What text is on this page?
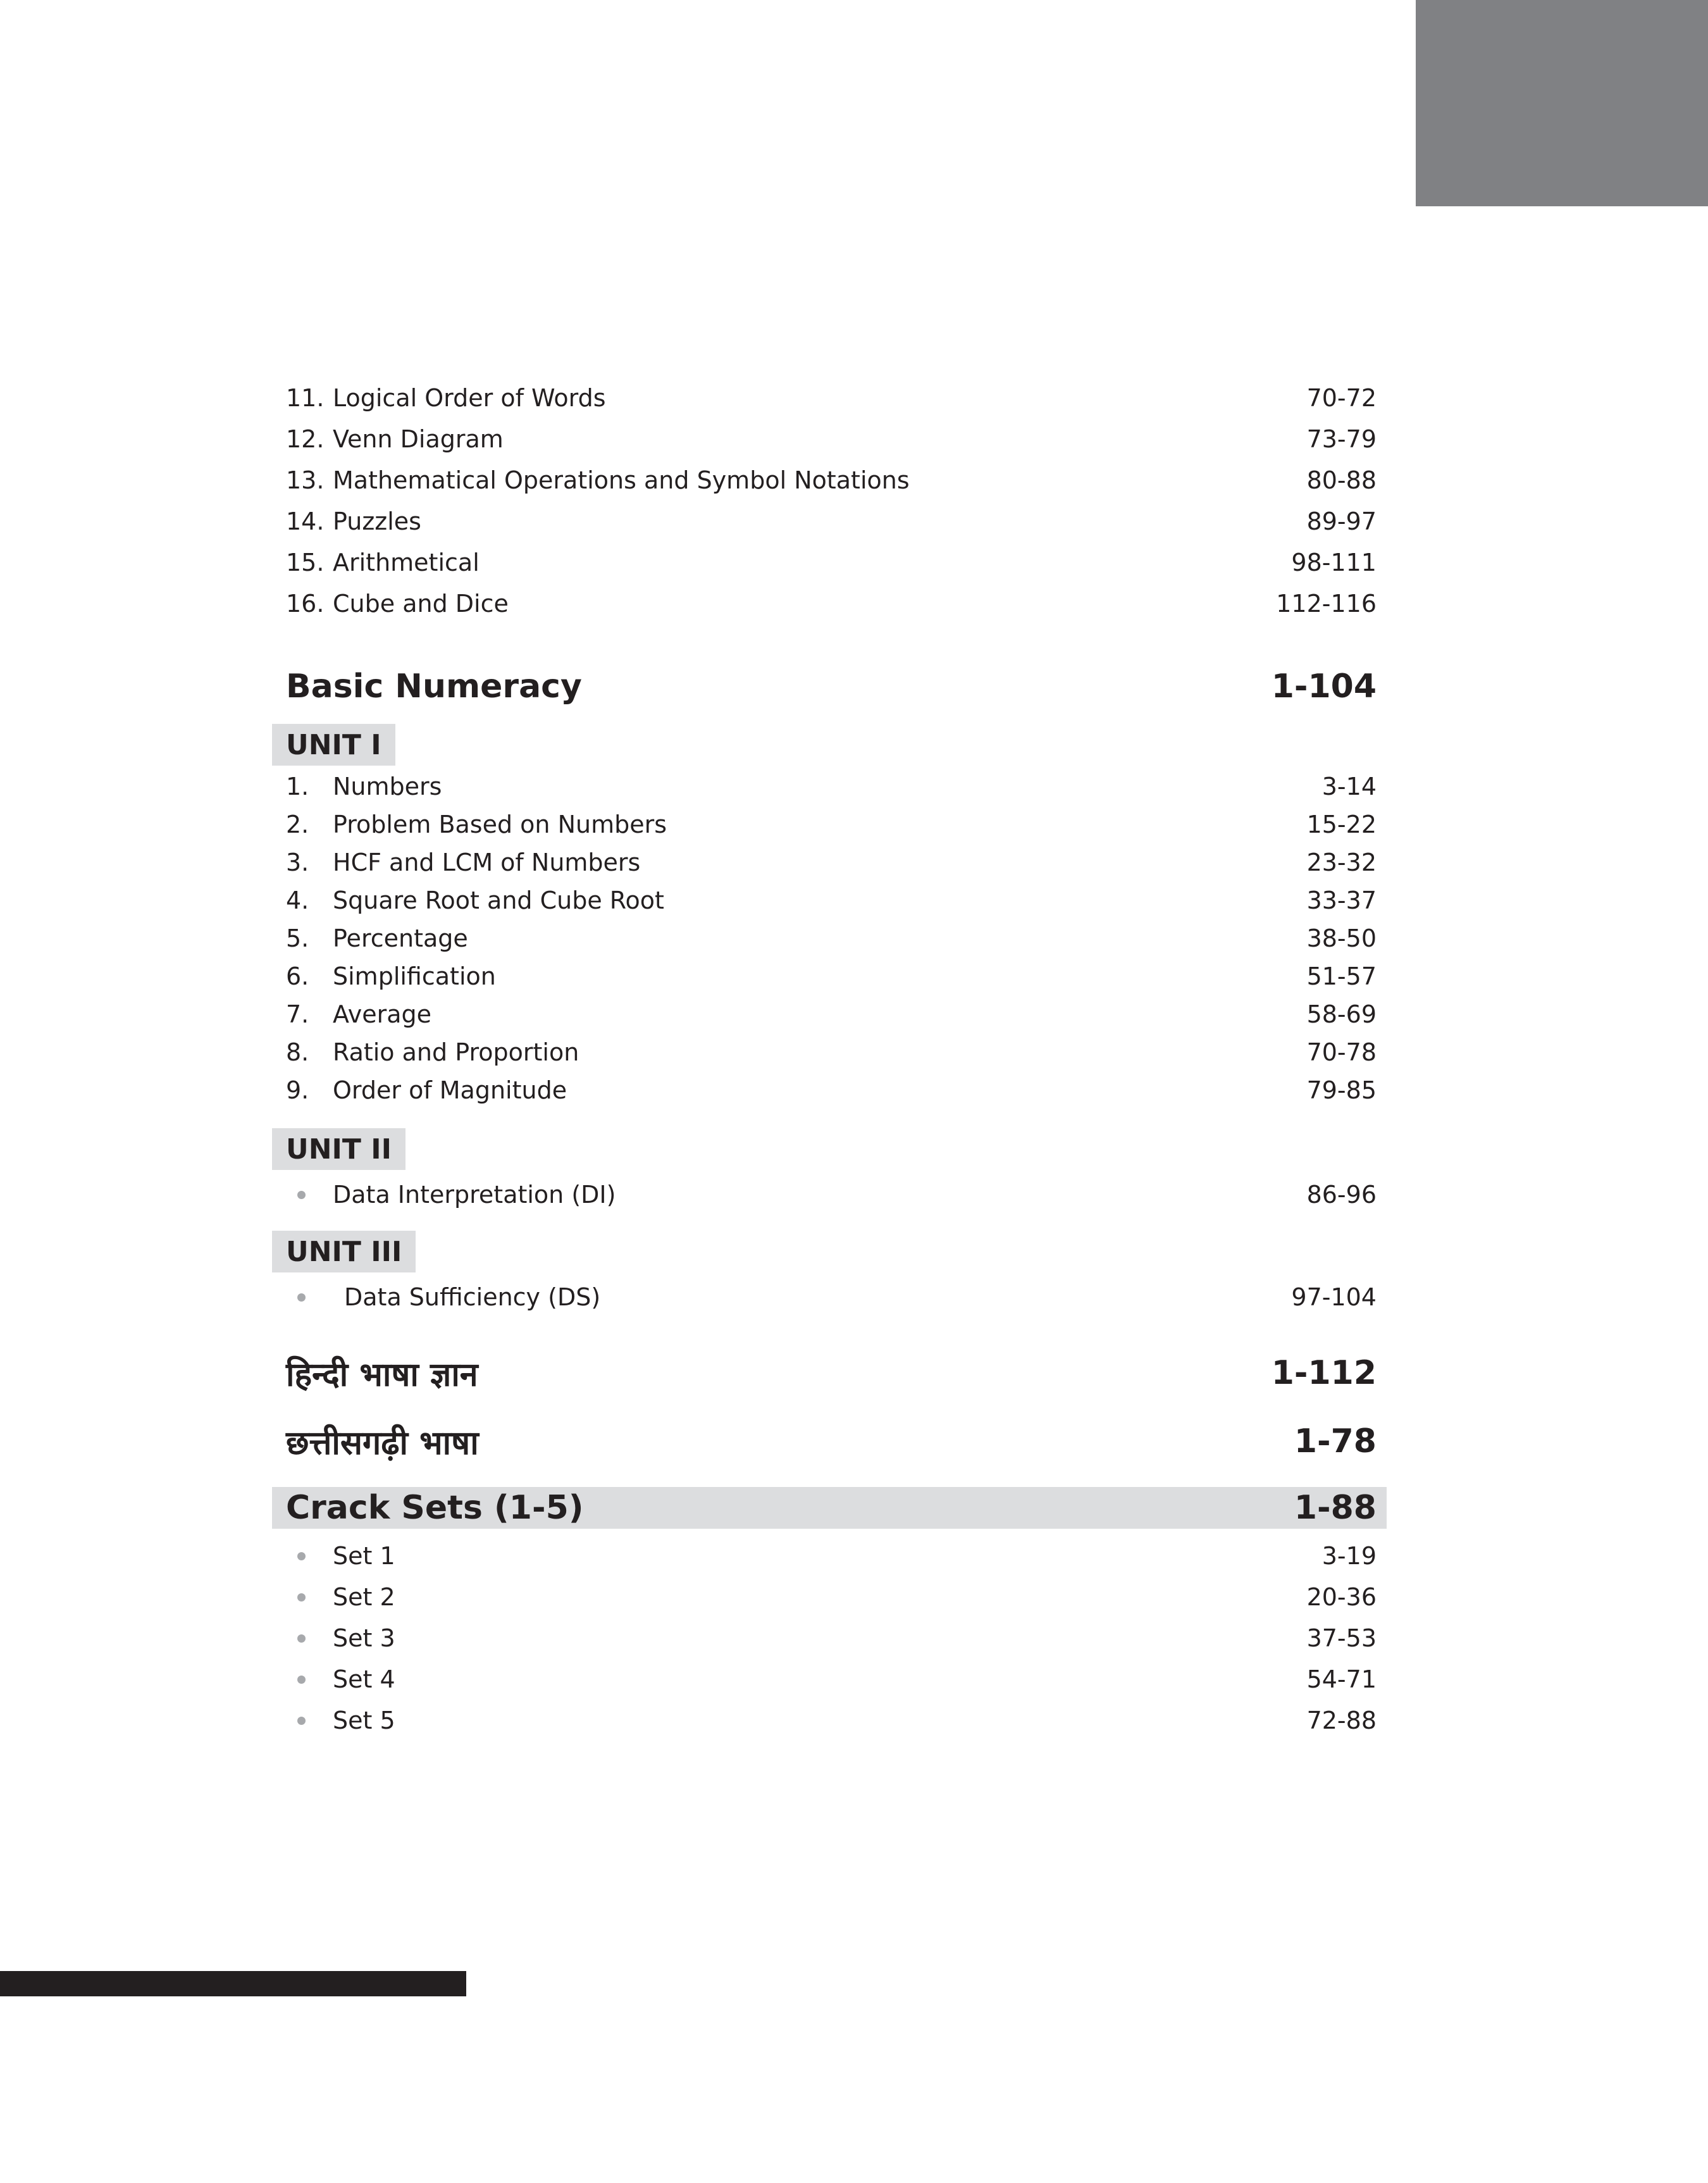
11. Logical Order of Words	70-72
12. Venn Diagram	73-79
13. Mathematical Operations and Symbol Notations	80-88
14. Puzzles	89-97
15. Arithmetical	98-111
16. Cube and Dice	112-116
Basic Numeracy	1-104
UNIT I
1. Numbers	3-14
2. Problem Based on Numbers	15-22
3. HCF and LCM of Numbers	23-32
4. Square Root and Cube Root	33-37
5. Percentage	38-50
6. Simplification	51-57
7. Average	58-69
8. Ratio and Proportion	70-78
9. Order of Magnitude	79-85
UNIT II
Data Interpretation (DI)	86-96
UNIT III
Data Sufficiency (DS)	97-104
हिन्दी भाषा ज्ञान	1-112
छत्तीसगढ़ी भाषा	1-78
Crack Sets (1-5)	1-88
Set 1	3-19
Set 2	20-36
Set 3	37-53
Set 4	54-71
Set 5	72-88
